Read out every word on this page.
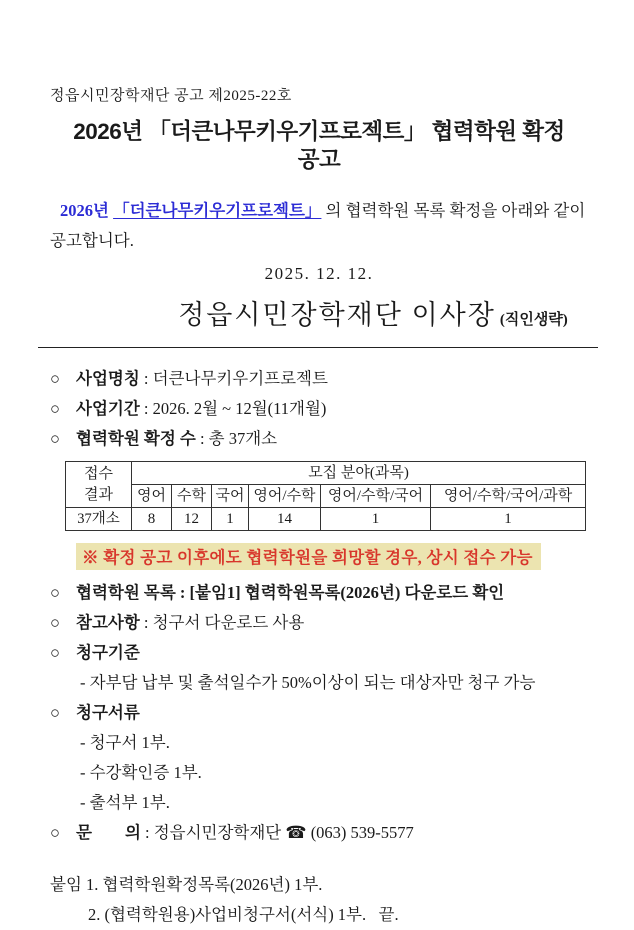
정읍시민장학재단 공고 제2025-22호
2026년 「더큰나무키우기프로젝트」 협력학원 확정 공고

2026년 「더큰나무키우기프로젝트」 의 협력학원 목록 확정을 아래와 같이 공고합니다.

2025. 12. 12.
정읍시민장학재단 이사장 (직인생략)
○ 사업명칭 : 더큰나무키우기프로젝트
○ 사업기간 : 2026. 2월 ~ 12월(11개월)
○ 협력학원 확정 수 : 총 37개소
접수
결과	모집 분야(과목)					
	영어	수학	국어	영어/수학	영어/수학/국어	영어/수학/국어/과학
37개소	8	12	1	14	1	1
※ 확정 공고 이후에도 협력학원을 희망할 경우, 상시 접수 가능
○ 협력학원 목록 : [붙임1] 협력학원목록(2026년) 다운로드 확인
○ 참고사항 : 청구서 다운로드 사용
○ 청구기준
- 자부담 납부 및 출석일수가 50%이상이 되는 대상자만 청구 가능
○ 청구서류
- 청구서 1부.
- 수강확인증 1부.
- 출석부 1부.
○ 문　　의 : 정읍시민장학재단 ☎ (063) 539-5577
붙임 1. 협력학원확정목록(2026년) 1부.
2. (협력학원용)사업비청구서(서식) 1부.   끝.
